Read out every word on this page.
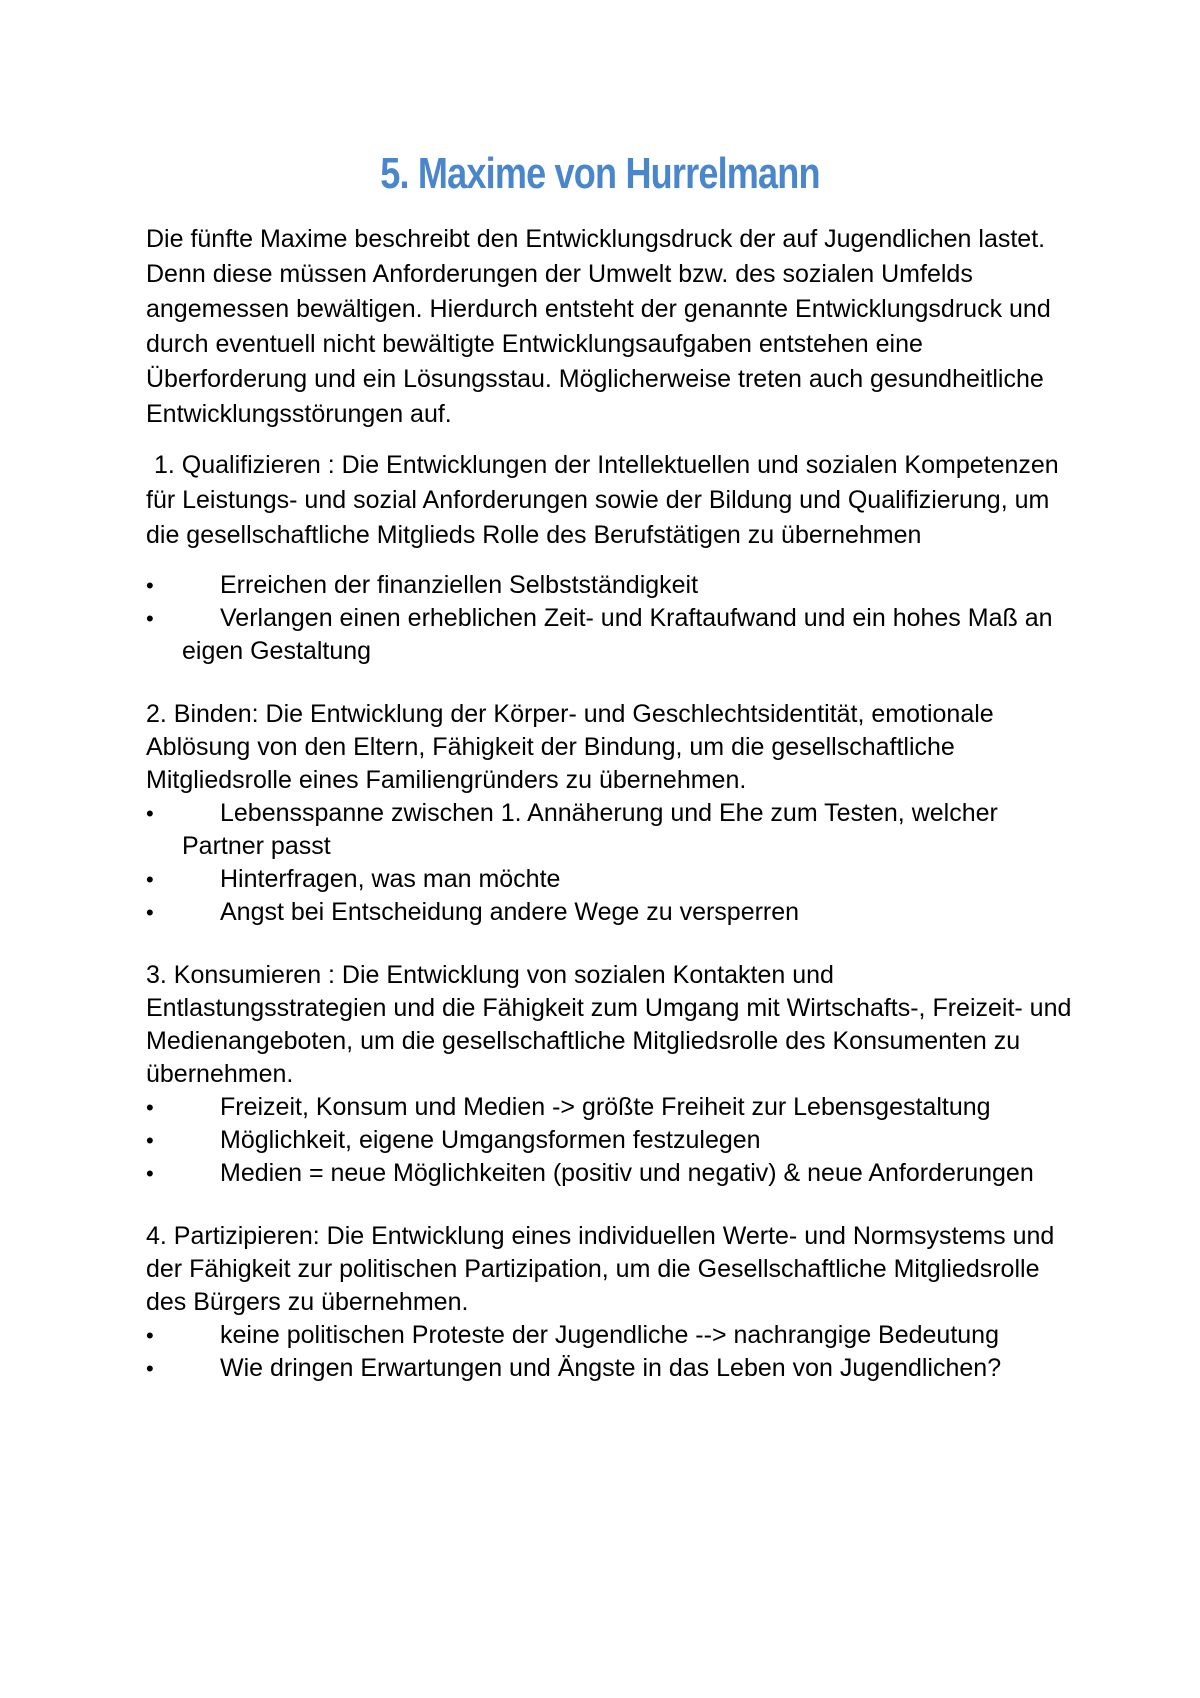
5. Maxime von Hurrelmann

Die fünfte Maxime beschreibt den Entwicklungsdruck der auf Jugendlichen lastet. Denn diese müssen Anforderungen der Umwelt bzw. des sozialen Umfelds angemessen bewältigen. Hierdurch entsteht der genannte Entwicklungsdruck und durch eventuell nicht bewältigte Entwicklungsaufgaben entstehen eine Überforderung und ein Lösungsstau. Möglicherweise treten auch gesundheitliche Entwicklungsstörungen auf.

1. Qualifizieren : Die Entwicklungen der Intellektuellen und sozialen Kompetenzen für Leistungs- und sozial Anforderungen sowie der Bildung und Qualifizierung, um die gesellschaftliche Mitglieds Rolle des Berufstätigen zu übernehmen

•	Erreichen der finanziellen Selbstständigkeit
•	Verlangen einen erheblichen Zeit- und Kraftaufwand und ein hohes Maß an eigen Gestaltung

2. Binden: Die Entwicklung der Körper- und Geschlechtsidentität, emotionale Ablösung von den Eltern, Fähigkeit der Bindung, um die gesellschaftliche Mitgliedsrolle eines Familiengründers zu übernehmen.

•	Lebensspanne zwischen 1. Annäherung und Ehe zum Testen, welcher Partner passt
•	Hinterfragen, was man möchte
•	Angst bei Entscheidung andere Wege zu versperren

3. Konsumieren : Die Entwicklung von sozialen Kontakten und Entlastungsstrategien und die Fähigkeit zum Umgang mit Wirtschafts-, Freizeit- und Medienangeboten, um die gesellschaftliche Mitgliedsrolle des Konsumenten zu übernehmen.

•	Freizeit, Konsum und Medien -> größte Freiheit zur Lebensgestaltung
•	Möglichkeit, eigene Umgangsformen festzulegen
•	Medien = neue Möglichkeiten (positiv und negativ) & neue Anforderungen

4. Partizipieren: Die Entwicklung eines individuellen Werte- und Normsystems und der Fähigkeit zur politischen Partizipation, um die Gesellschaftliche Mitgliedsrolle des Bürgers zu übernehmen.

•	keine politischen Proteste der Jugendliche --> nachrangige Bedeutung
•	Wie dringen Erwartungen und Ängste in das Leben von Jugendlichen?
